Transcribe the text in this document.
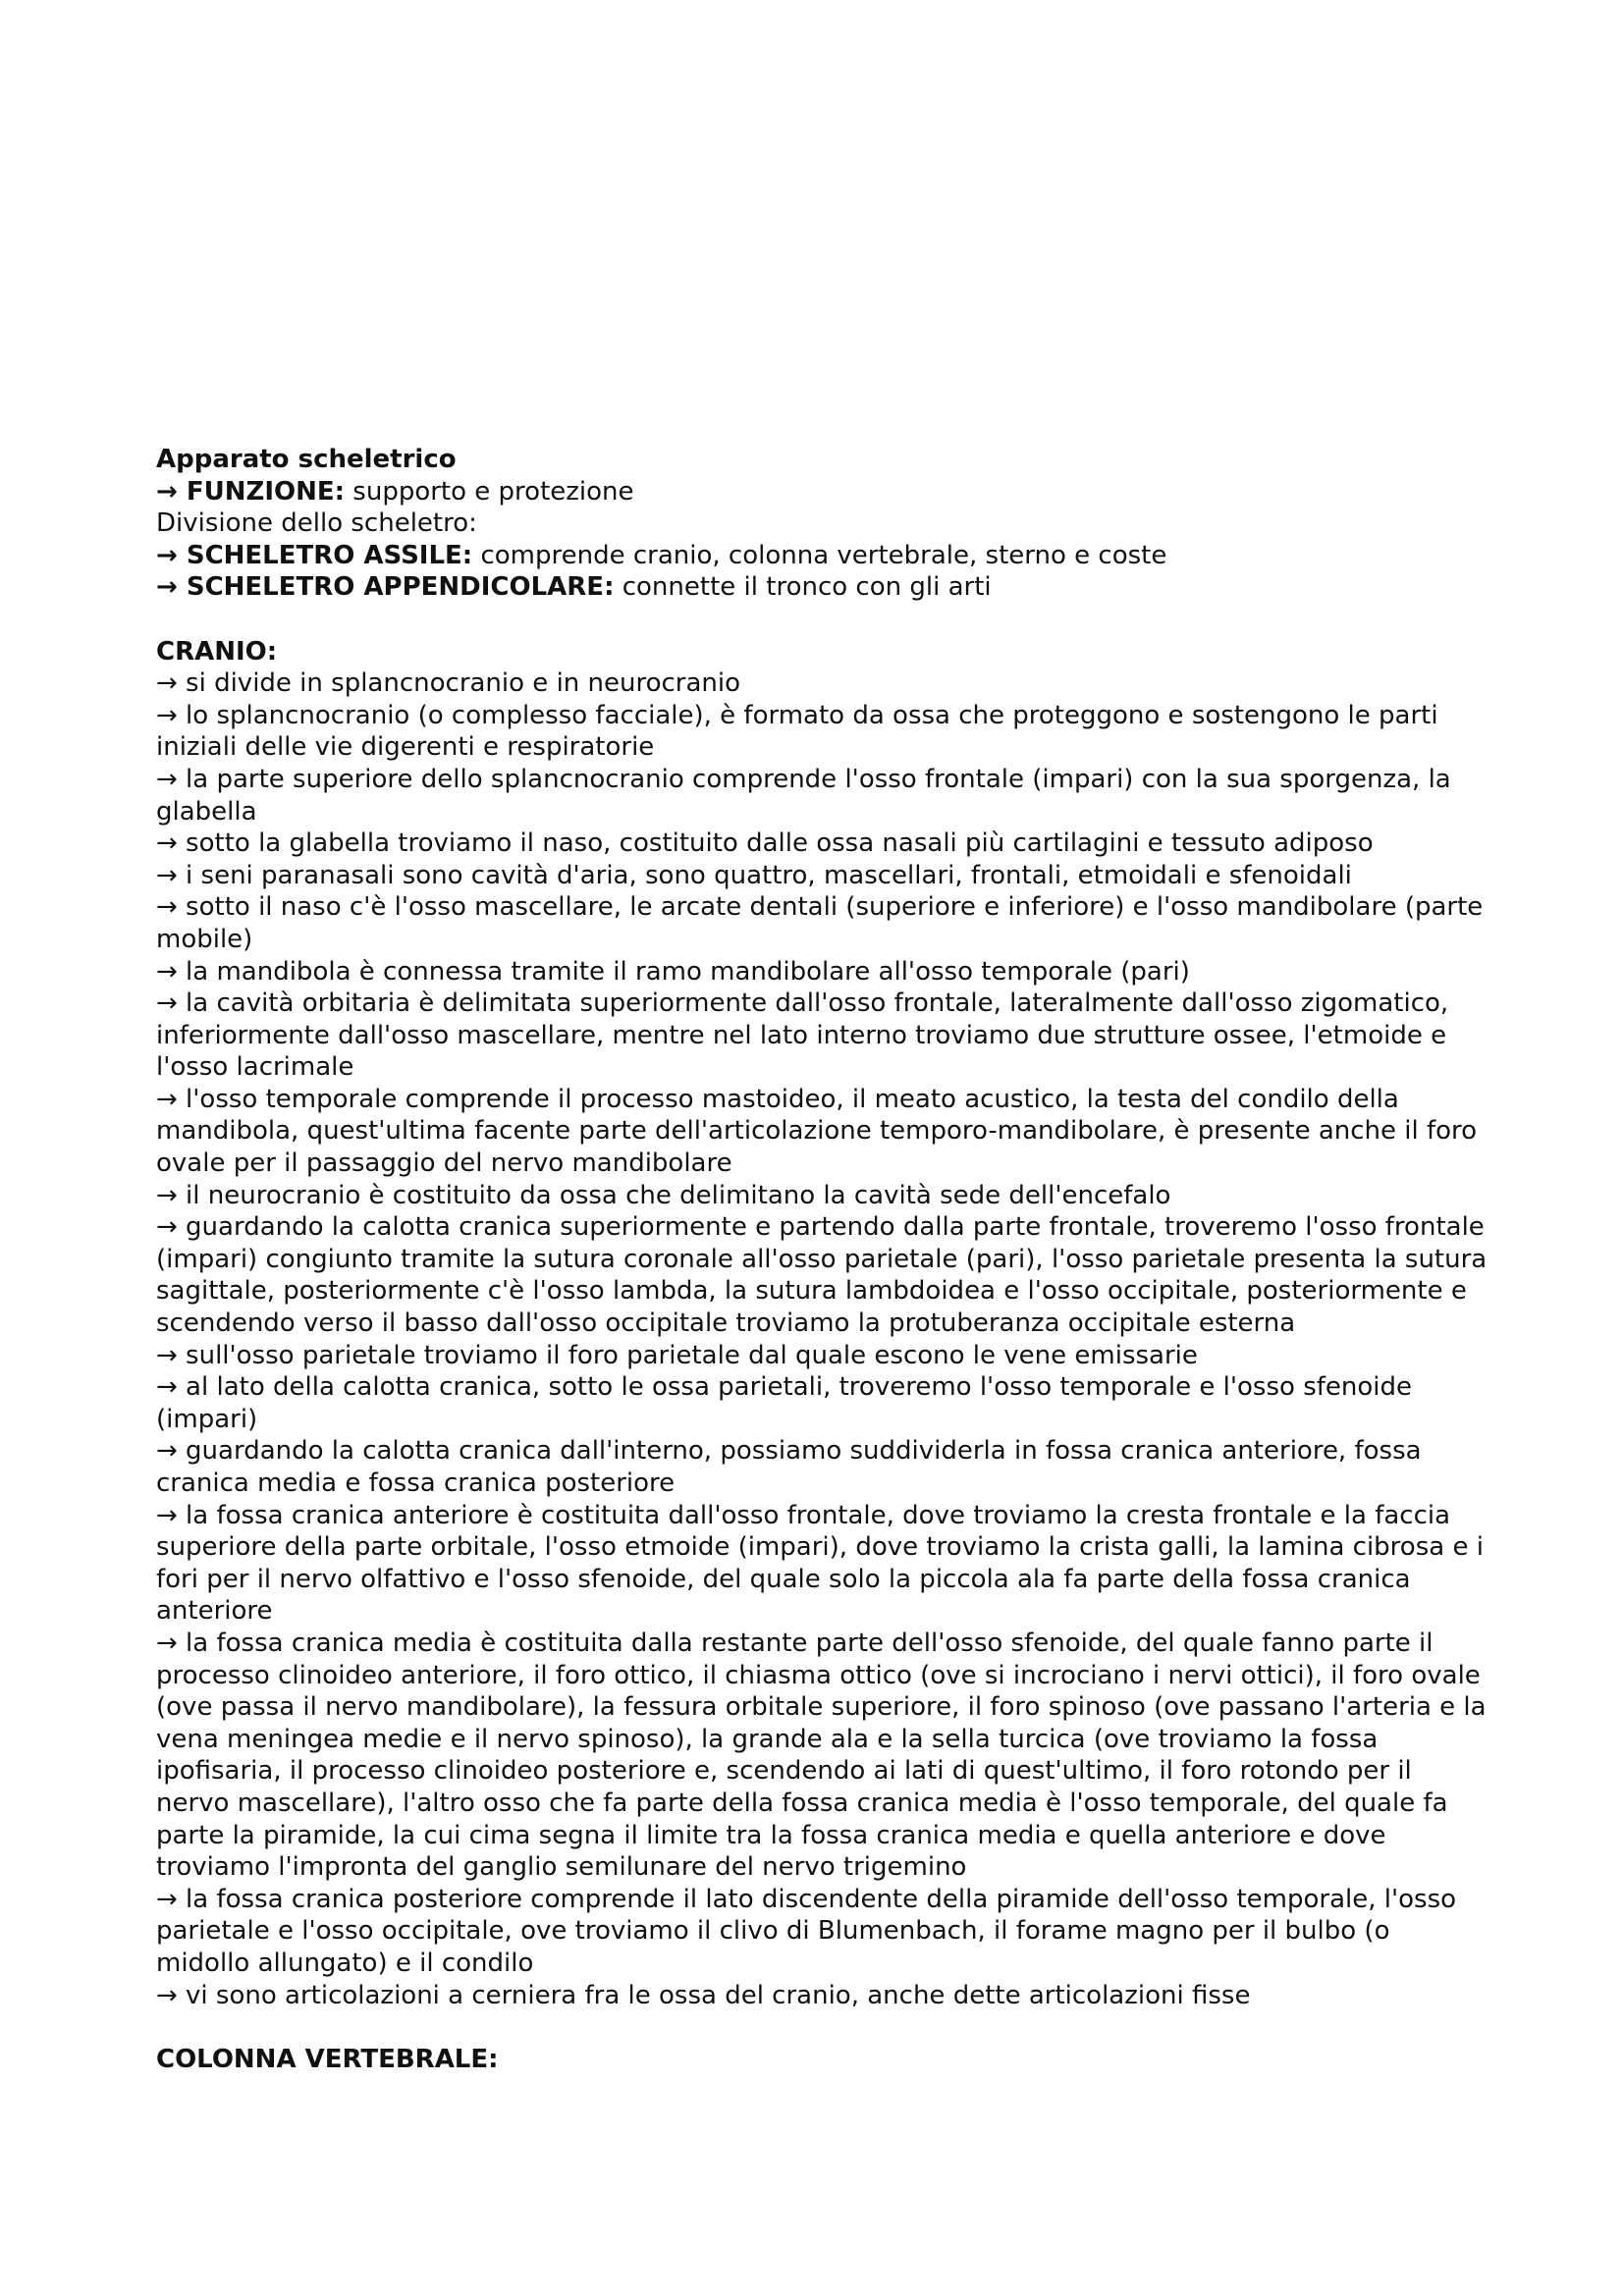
Apparato scheletrico

→ FUNZIONE: supporto e protezione

Divisione dello scheletro:

→ SCHELETRO ASSILE: comprende cranio, colonna vertebrale, sterno e coste

→ SCHELETRO APPENDICOLARE: connette il tronco con gli arti

CRANIO:

→ si divide in splancnocranio e in neurocranio

→ lo splancnocranio (o complesso facciale), è formato da ossa che proteggono e sostengono le parti iniziali delle vie digerenti e respiratorie

→ la parte superiore dello splancnocranio comprende l'osso frontale (impari) con la sua sporgenza, la glabella

→ sotto la glabella troviamo il naso, costituito dalle ossa nasali più cartilagini e tessuto adiposo

→ i seni paranasali sono cavità d'aria, sono quattro, mascellari, frontali, etmoidali e sfenoidali

→ sotto il naso c'è l'osso mascellare, le arcate dentali (superiore e inferiore) e l'osso mandibolare (parte mobile)

→ la mandibola è connessa tramite il ramo mandibolare all'osso temporale (pari)

→ la cavità orbitaria è delimitata superiormente dall'osso frontale, lateralmente dall'osso zigomatico, inferiormente dall'osso mascellare, mentre nel lato interno troviamo due strutture ossee, l'etmoide e l'osso lacrimale

→ l'osso temporale comprende il processo mastoideo, il meato acustico, la testa del condilo della mandibola, quest'ultima facente parte dell'articolazione temporo-mandibolare, è presente anche il foro ovale per il passaggio del nervo mandibolare

→ il neurocranio è costituito da ossa che delimitano la cavità sede dell'encefalo

→ guardando la calotta cranica superiormente e partendo dalla parte frontale, troveremo l'osso frontale (impari) congiunto tramite la sutura coronale all'osso parietale (pari), l'osso parietale presenta la sutura sagittale, posteriormente c'è l'osso lambda, la sutura lambdoidea e l'osso occipitale, posteriormente e scendendo verso il basso dall'osso occipitale troviamo la protuberanza occipitale esterna

→ sull'osso parietale troviamo il foro parietale dal quale escono le vene emissarie

→ al lato della calotta cranica, sotto le ossa parietali, troveremo l'osso temporale e l'osso sfenoide (impari)

→ guardando la calotta cranica dall'interno, possiamo suddividerla in fossa cranica anteriore, fossa cranica media e fossa cranica posteriore

→ la fossa cranica anteriore è costituita dall'osso frontale, dove troviamo la cresta frontale e la faccia superiore della parte orbitale, l'osso etmoide (impari), dove troviamo la crista galli, la lamina cibrosa e i fori per il nervo olfattivo e l'osso sfenoide, del quale solo la piccola ala fa parte della fossa cranica anteriore

→ la fossa cranica media è costituita dalla restante parte dell'osso sfenoide, del quale fanno parte il processo clinoideo anteriore, il foro ottico, il chiasma ottico (ove si incrociano i nervi ottici), il foro ovale (ove passa il nervo mandibolare), la fessura orbitale superiore, il foro spinoso (ove passano l'arteria e la vena meningea medie e il nervo spinoso), la grande ala e la sella turcica (ove troviamo la fossa ipofisaria, il processo clinoideo posteriore e, scendendo ai lati di quest'ultimo, il foro rotondo per il nervo mascellare), l'altro osso che fa parte della fossa cranica media è l'osso temporale, del quale fa parte la piramide, la cui cima segna il limite tra la fossa cranica media e quella anteriore e dove troviamo l'impronta del ganglio semilunare del nervo trigemino

→ la fossa cranica posteriore comprende il lato discendente della piramide dell'osso temporale, l'osso parietale e l'osso occipitale, ove troviamo il clivo di Blumenbach, il forame magno per il bulbo (o midollo allungato) e il condilo

→ vi sono articolazioni a cerniera fra le ossa del cranio, anche dette articolazioni fisse

COLONNA VERTEBRALE:
